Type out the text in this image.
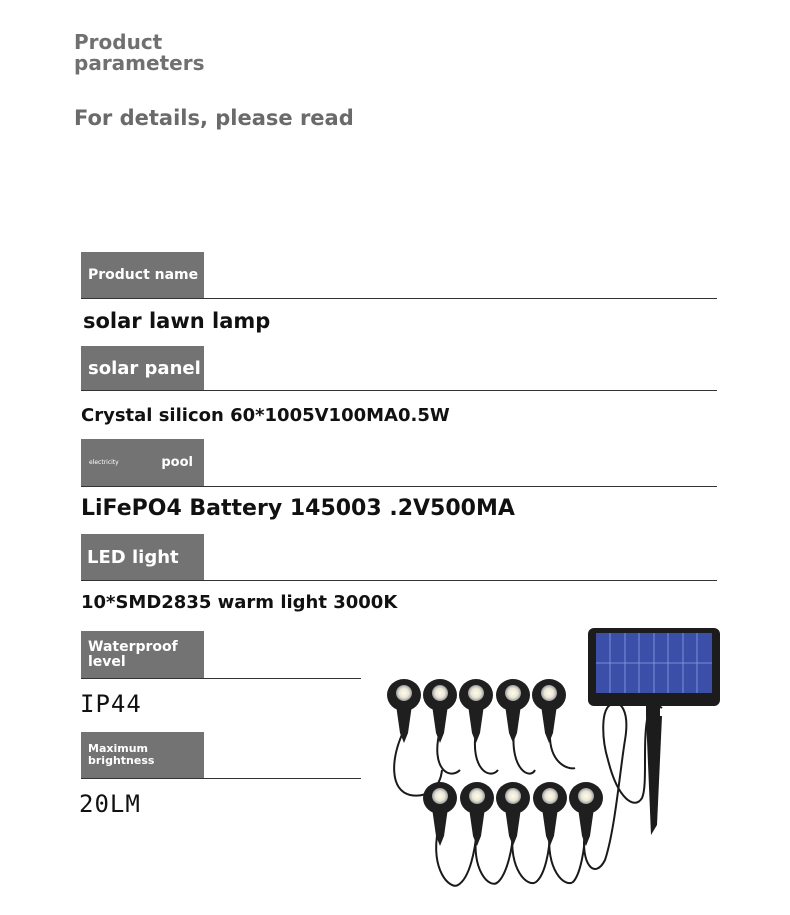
Product
parameters
For details, please read
Product name
solar lawn lamp
solar panel
Crystal silicon 60*1005V100MA0.5W
electricity	pool
LiFePO4 Battery 145003 .2V500MA
LED light
10*SMD2835 warm light 3000K
Waterproof level
IP44
Maximum brightness
20LM
